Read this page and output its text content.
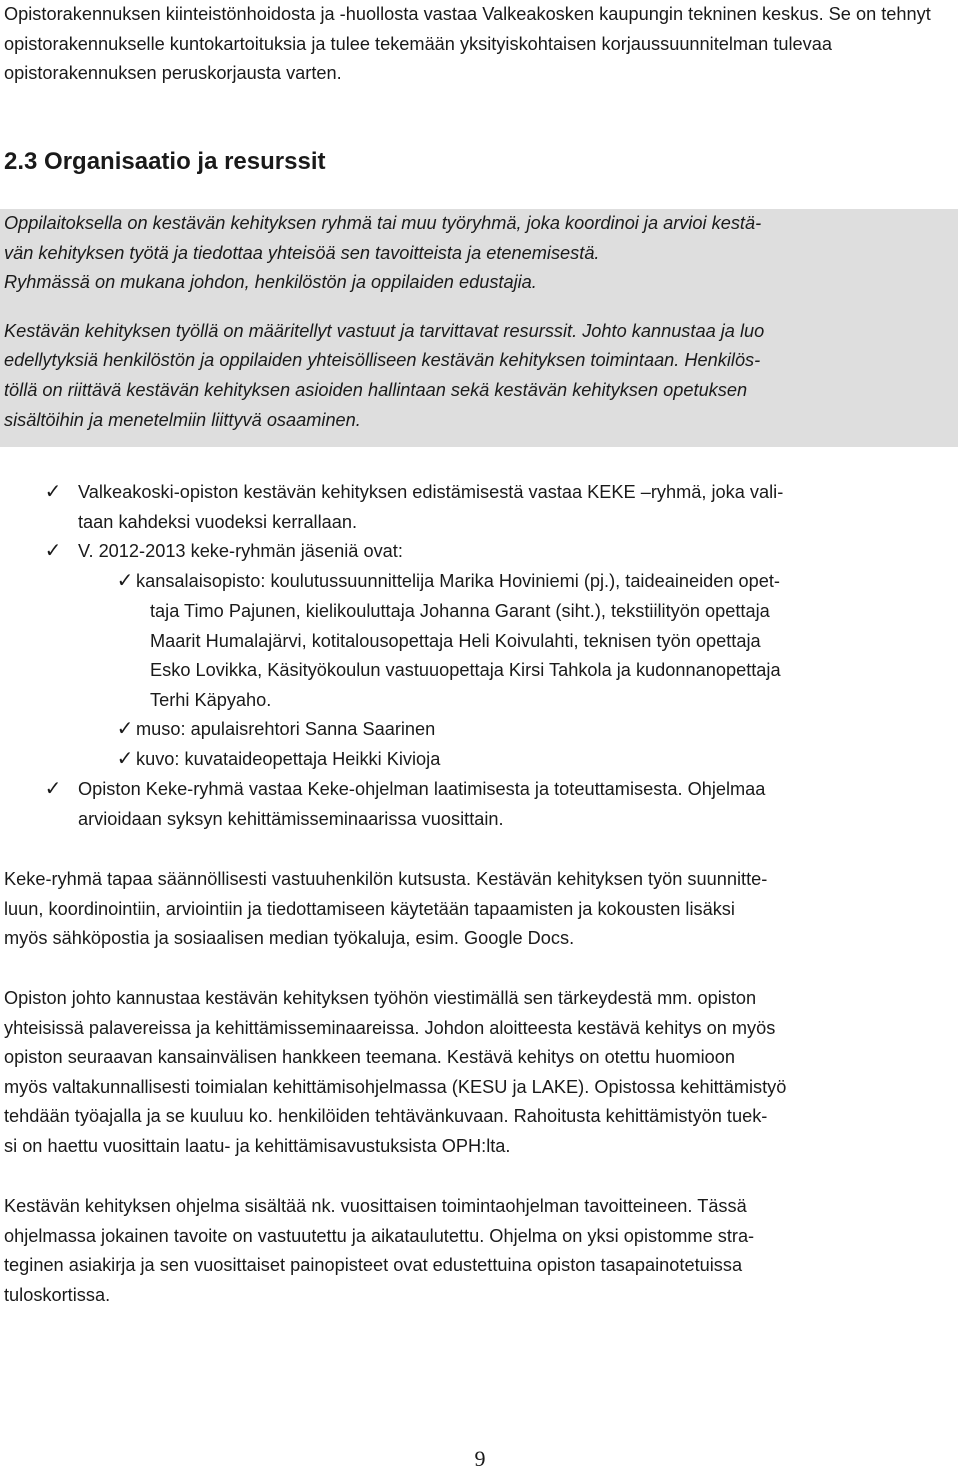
Opistorakennuksen kiinteistönhoidosta ja -huollosta vastaa Valkeakosken kaupungin tekninen keskus. Se on tehnyt opistorakennukselle kuntokartoituksia ja tulee tekemään yksityiskohtaisen korjaussuunnitelman tulevaa opistorakennuksen peruskorjausta varten.

2.3 Organisaatio ja resurssit

Oppilaitoksella on kestävän kehityksen ryhmä tai muu työryhmä, joka koordinoi ja arvioi kestä-

vän kehityksen työtä ja tiedottaa yhteisöä sen tavoitteista ja etenemisestä.

Ryhmässä on mukana johdon, henkilöstön ja oppilaiden edustajia.

Kestävän kehityksen työllä on määritellyt vastuut ja tarvittavat resurssit. Johto kannustaa ja luo

edellytyksiä henkilöstön ja oppilaiden yhteisölliseen kestävän kehityksen toimintaan. Henkilös-

töllä on riittävä kestävän kehityksen asioiden hallintaan sekä kestävän kehityksen opetuksen

sisältöihin ja menetelmiin liittyvä osaaminen.

✓ Valkeakoski-opiston kestävän kehityksen edistämisestä vastaa KEKE –ryhmä, joka vali-

taan kahdeksi vuodeksi kerrallaan.

✓ V. 2012-2013 keke-ryhmän jäseniä ovat:

✓ kansalaisopisto: koulutussuunnittelija Marika Hoviniemi (pj.), taideaineiden opet-

taja Timo Pajunen, kielikouluttaja Johanna Garant (siht.), tekstiilityön opettaja

Maarit Humalajärvi, kotitalousopettaja Heli Koivulahti, teknisen työn opettaja

Esko Lovikka, Käsityökoulun vastuuopettaja Kirsi Tahkola ja kudonnanopettaja

Terhi Käpyaho.

✓ muso: apulaisrehtori Sanna Saarinen

✓ kuvo: kuvataideopettaja Heikki Kivioja

✓ Opiston Keke-ryhmä vastaa Keke-ohjelman laatimisesta ja toteuttamisesta. Ohjelmaa

arvioidaan syksyn kehittämisseminaarissa vuosittain.

Keke-ryhmä tapaa säännöllisesti vastuuhenkilön kutsusta. Kestävän kehityksen työn suunnitte-

luun, koordinointiin, arviointiin ja tiedottamiseen käytetään tapaamisten ja kokousten lisäksi

myös sähköpostia ja sosiaalisen median työkaluja, esim. Google Docs.

Opiston johto kannustaa kestävän kehityksen työhön viestimällä sen tärkeydestä mm. opiston

yhteisissä palavereissa ja kehittämisseminaareissa. Johdon aloitteesta kestävä kehitys on myös

opiston seuraavan kansainvälisen hankkeen teemana. Kestävä kehitys on otettu huomioon

myös valtakunnallisesti toimialan kehittämisohjelmassa (KESU ja LAKE). Opistossa kehittämistyö

tehdään työajalla ja se kuuluu ko. henkilöiden tehtävänkuvaan. Rahoitusta kehittämistyön tuek-

si on haettu vuosittain laatu- ja kehittämisavustuksista OPH:lta.

Kestävän kehityksen ohjelma sisältää nk. vuosittaisen toimintaohjelman tavoitteineen. Tässä

ohjelmassa jokainen tavoite on vastuutettu ja aikataulutettu. Ohjelma on yksi opistomme stra-

teginen asiakirja ja sen vuosittaiset painopisteet ovat edustettuina opiston tasapainotetuissa

tuloskortissa.

9
